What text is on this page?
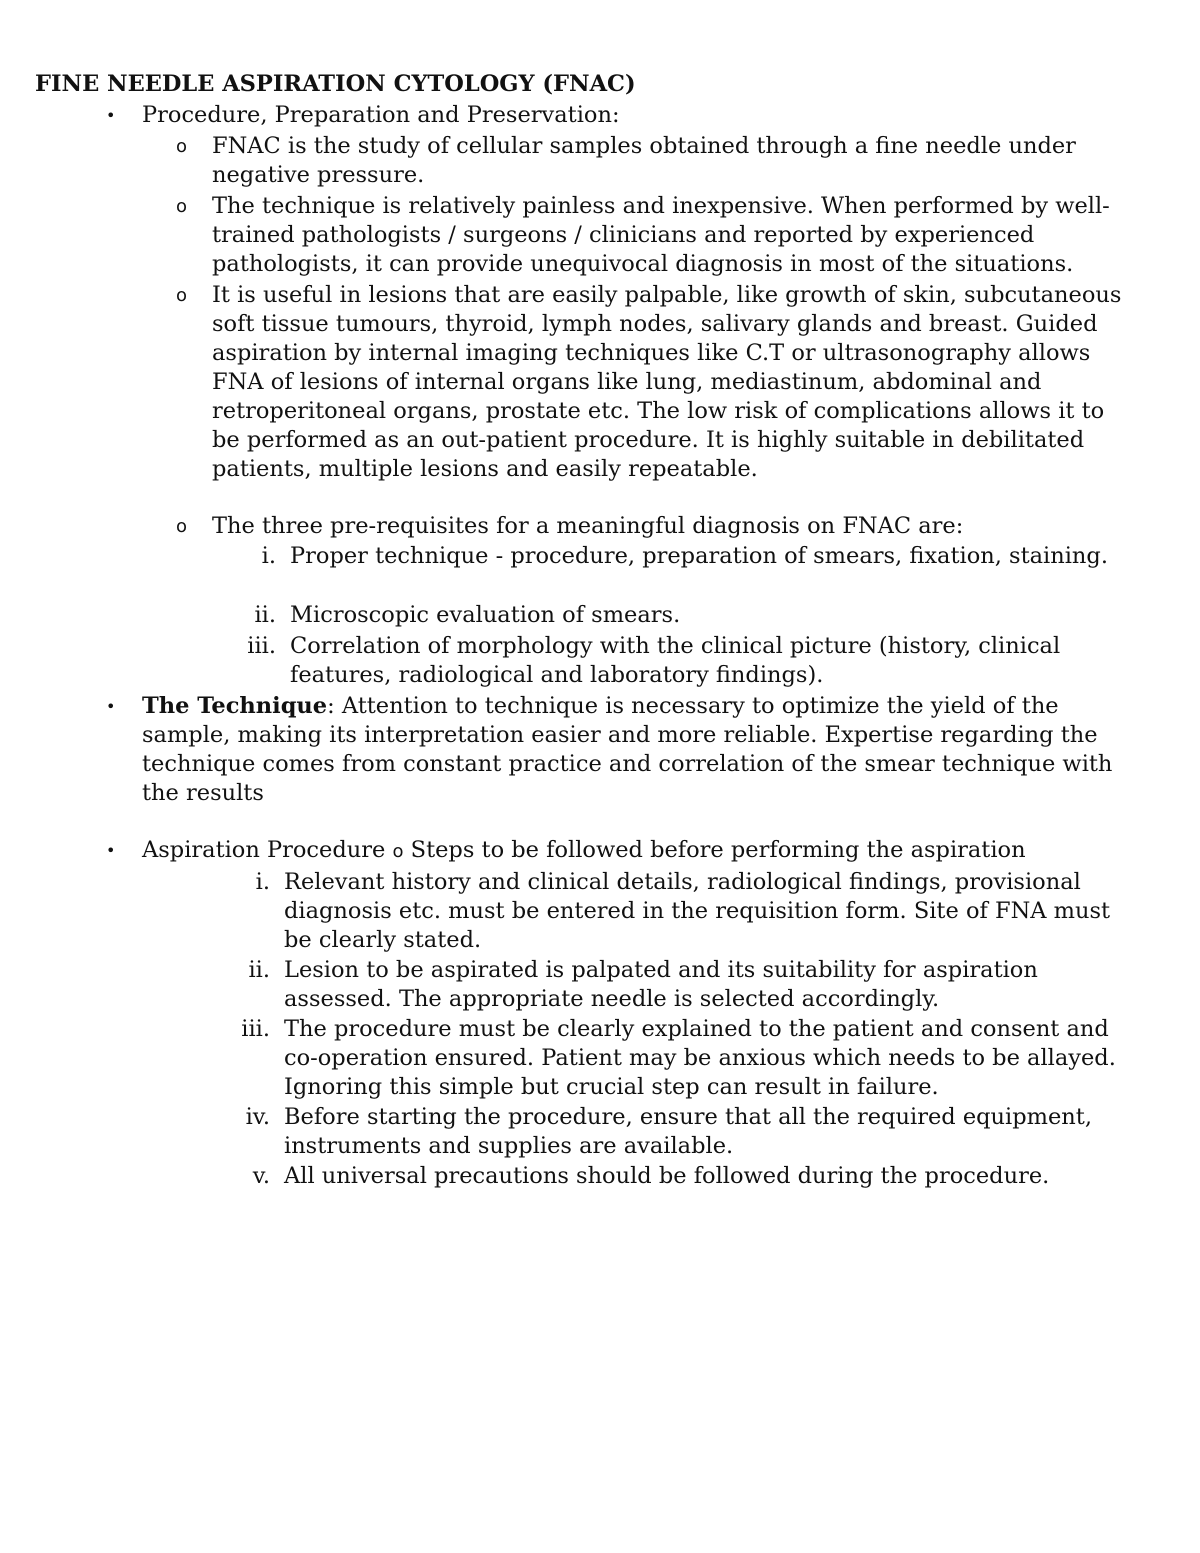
FINE NEEDLE ASPIRATION CYTOLOGY (FNAC)
•	Procedure, Preparation and Preservation:
o	FNAC is the study of cellular samples obtained through a fine needle under negative pressure.
o	The technique is relatively painless and inexpensive. When performed by well-trained pathologists / surgeons / clinicians and reported by experienced pathologists, it can provide unequivocal diagnosis in most of the situations.
o	It is useful in lesions that are easily palpable, like growth of skin, subcutaneous soft tissue tumours, thyroid, lymph nodes, salivary glands and breast. Guided aspiration by internal imaging techniques like C.T or ultrasonography allows FNA of lesions of internal organs like lung, mediastinum, abdominal and retroperitoneal organs, prostate etc. The low risk of complications allows it to be performed as an out-patient procedure. It is highly suitable in debilitated patients, multiple lesions and easily repeatable.
o	The three pre-requisites for a meaningful diagnosis on FNAC are:
i. Proper technique - procedure, preparation of smears, fixation, staining.
ii. Microscopic evaluation of smears.
iii. Correlation of morphology with the clinical picture (history, clinical features, radiological and laboratory findings).
•	The Technique: Attention to technique is necessary to optimize the yield of the sample, making its interpretation easier and more reliable. Expertise regarding the technique comes from constant practice and correlation of the smear technique with the results
•	Aspiration Procedure o Steps to be followed before performing the aspiration
i. Relevant history and clinical details, radiological findings, provisional diagnosis etc. must be entered in the requisition form. Site of FNA must be clearly stated.
ii. Lesion to be aspirated is palpated and its suitability for aspiration assessed. The appropriate needle is selected accordingly.
iii. The procedure must be clearly explained to the patient and consent and co-operation ensured. Patient may be anxious which needs to be allayed. Ignoring this simple but crucial step can result in failure.
iv. Before starting the procedure, ensure that all the required equipment, instruments and supplies are available.
v. All universal precautions should be followed during the procedure.
